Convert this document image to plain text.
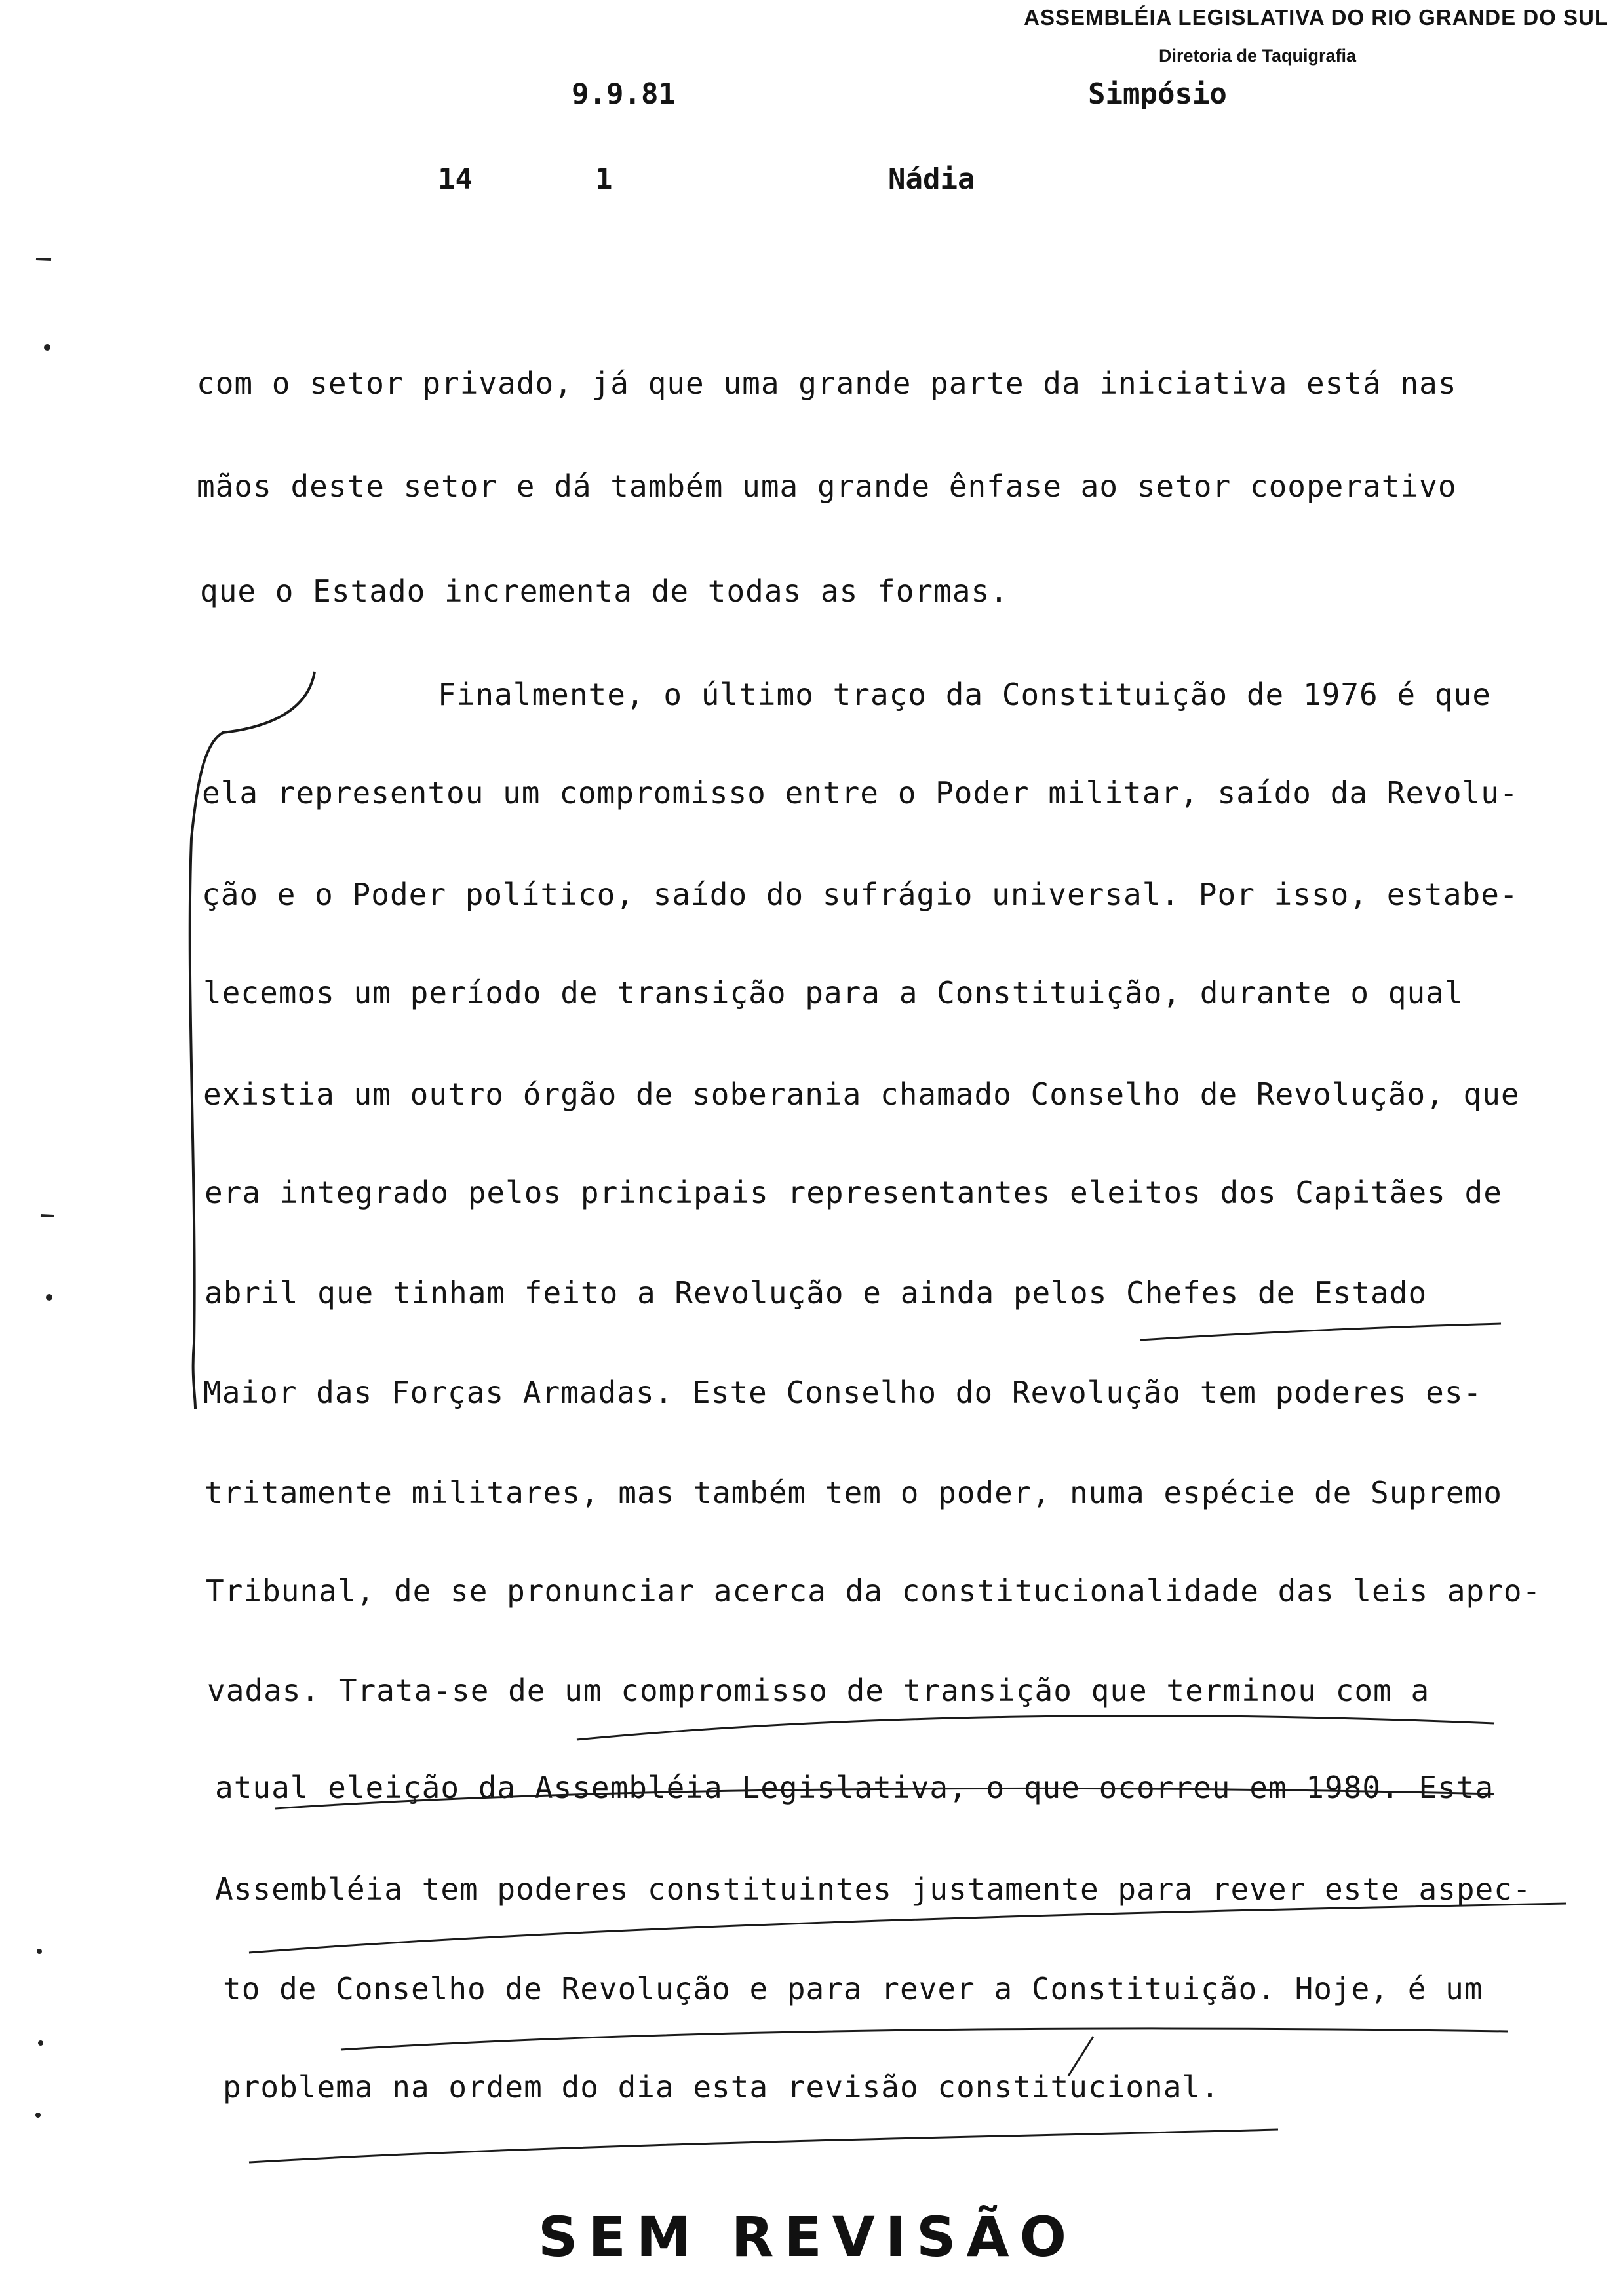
ASSEMBLÉIA LEGISLATIVA DO RIO GRANDE DO SUL
Diretoria de Taquigrafia
9.9.81	Simpósio
14	1	Nádia
com o setor privado, já que uma grande parte da iniciativa está nas
mãos deste setor e dá também uma grande ênfase ao setor cooperativo
que o Estado incrementa de todas as formas.
Finalmente, o último traço da Constituição de 1976 é que
ela representou um compromisso entre o Poder militar, saído da Revolu-
ção e o Poder político, saído do sufrágio universal. Por isso, estabe-
lecemos um período de transição para a Constituição, durante o qual
existia um outro órgão de soberania chamado Conselho de Revolução, que
era integrado pelos principais representantes eleitos dos Capitães de
abril que tinham feito a Revolução e ainda pelos Chefes de Estado
Maior das Forças Armadas. Este Conselho do Revolução tem poderes es-
tritamente militares, mas também tem o poder, numa espécie de Supremo
Tribunal, de se pronunciar acerca da constitucionalidade das leis apro-
vadas. Trata-se de um compromisso de transição que terminou com a
atual eleição da Assembléia Legislativa, o que ocorreu em 1980. Esta
Assembléia tem poderes constituintes justamente para rever este aspec-
to de Conselho de Revolução e para rever a Constituição. Hoje, é um
problema na ordem do dia esta revisão constitucional.
SEM REVISÃO
